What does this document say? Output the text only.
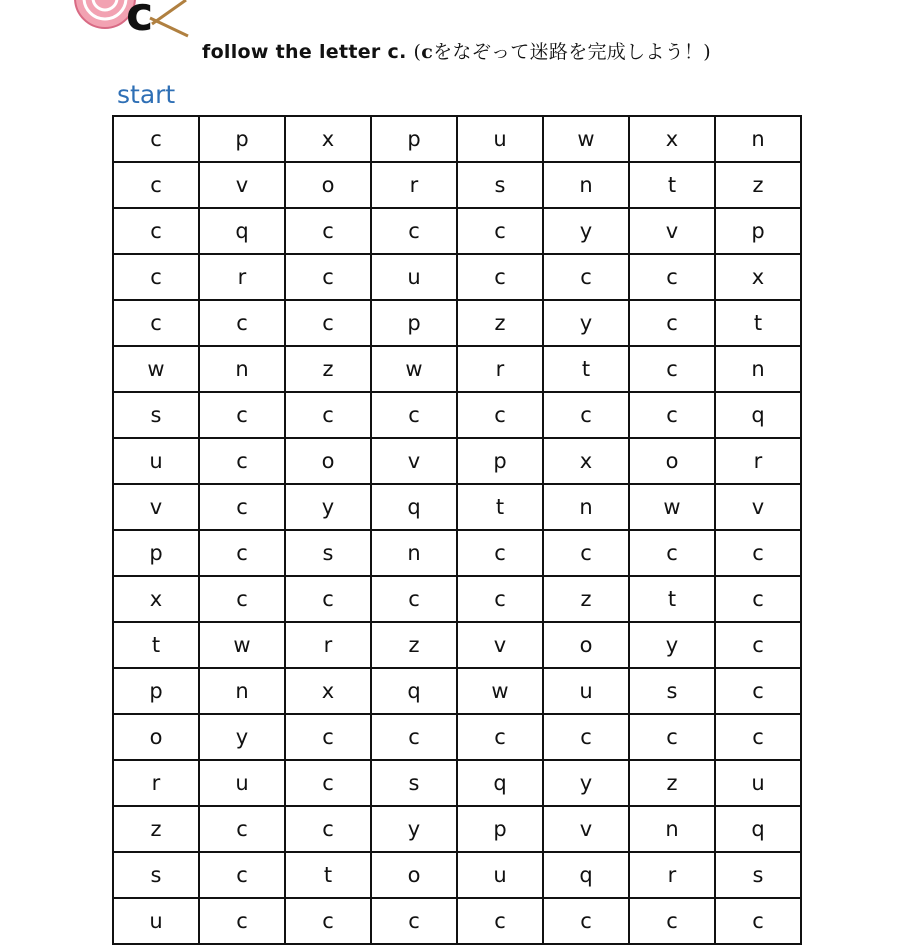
c
follow the letter c. (cをなぞって迷路を完成しよう！)
start
c	p	x	p	u	w	x	n
c	v	o	r	s	n	t	z
c	q	c	c	c	y	v	p
c	r	c	u	c	c	c	x
c	c	c	p	z	y	c	t
w	n	z	w	r	t	c	n
s	c	c	c	c	c	c	q
u	c	o	v	p	x	o	r
v	c	y	q	t	n	w	v
p	c	s	n	c	c	c	c
x	c	c	c	c	z	t	c
t	w	r	z	v	o	y	c
p	n	x	q	w	u	s	c
o	y	c	c	c	c	c	c
r	u	c	s	q	y	z	u
z	c	c	y	p	v	n	q
s	c	t	o	u	q	r	s
u	c	c	c	c	c	c	c
